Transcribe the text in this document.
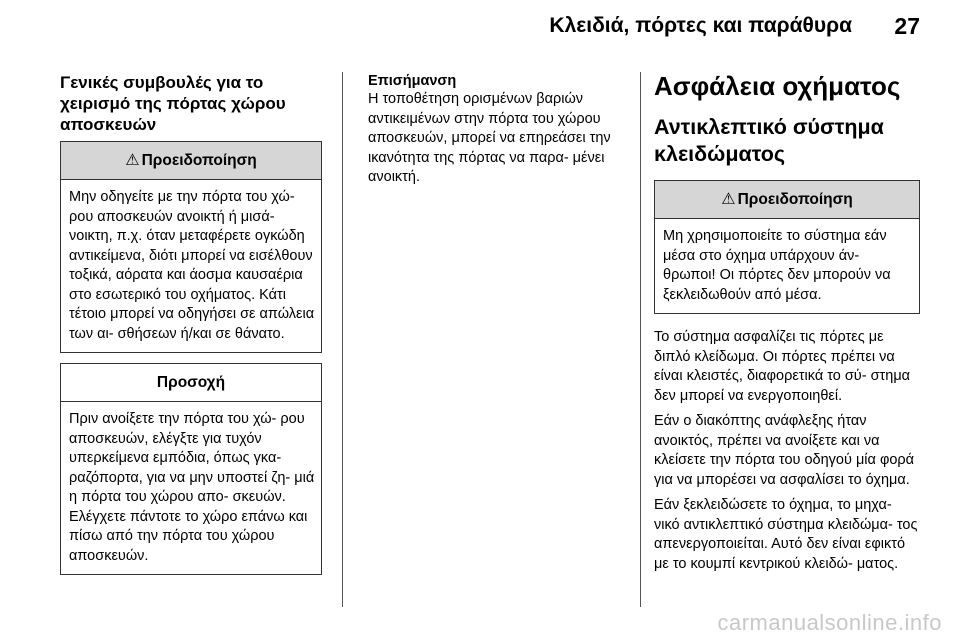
Κλειδιά, πόρτες και παράθυρα 27
Γενικές συμβουλές για το χειρισμό της πόρτας χώρου αποσκευών
⚠ Προειδοποίηση
Μην οδηγείτε με την πόρτα του χώ- ρου αποσκευών ανοικτή ή μισά- νοικτη, π.χ. όταν μεταφέρετε ογκώδη αντικείμενα, διότι μπορεί να εισέλθουν τοξικά, αόρατα και άοσμα καυσαέρια στο εσωτερικό του οχήματος. Κάτι τέτοιο μπορεί να οδηγήσει σε απώλεια των αι- σθήσεων ή/και σε θάνατο.
Προσοχή
Πριν ανοίξετε την πόρτα του χώ- ρου αποσκευών, ελέγξτε για τυχόν υπερκείμενα εμπόδια, όπως γκα- ραζόπορτα, για να μην υποστεί ζη- μιά η πόρτα του χώρου απο- σκευών. Ελέγχετε πάντοτε το χώρο επάνω και πίσω από την πόρτα του χώρου αποσκευών.
Επισήμανση
Η τοποθέτηση ορισμένων βαριών αντικειμένων στην πόρτα του χώρου αποσκευών, μπορεί να επηρεάσει την ικανότητα της πόρτας να παρα- μένει ανοικτή.
Ασφάλεια οχήματος
Αντικλεπτικό σύστημα κλειδώματος
⚠ Προειδοποίηση
Μη χρησιμοποιείτε το σύστημα εάν μέσα στο όχημα υπάρχουν άν- θρωποι! Οι πόρτες δεν μπορούν να ξεκλειδωθούν από μέσα.
Το σύστημα ασφαλίζει τις πόρτες με διπλό κλείδωμα. Οι πόρτες πρέπει να είναι κλειστές, διαφορετικά το σύ- στημα δεν μπορεί να ενεργοποιηθεί.
Εάν ο διακόπτης ανάφλεξης ήταν ανοικτός, πρέπει να ανοίξετε και να κλείσετε την πόρτα του οδηγού μία φορά για να μπορέσει να ασφαλίσει το όχημα.
Εάν ξεκλειδώσετε το όχημα, το μηχα- νικό αντικλεπτικό σύστημα κλειδώμα- τος απενεργοποιείται. Αυτό δεν είναι εφικτό με το κουμπί κεντρικού κλειδώ- ματος.
carmanualsonline.info
